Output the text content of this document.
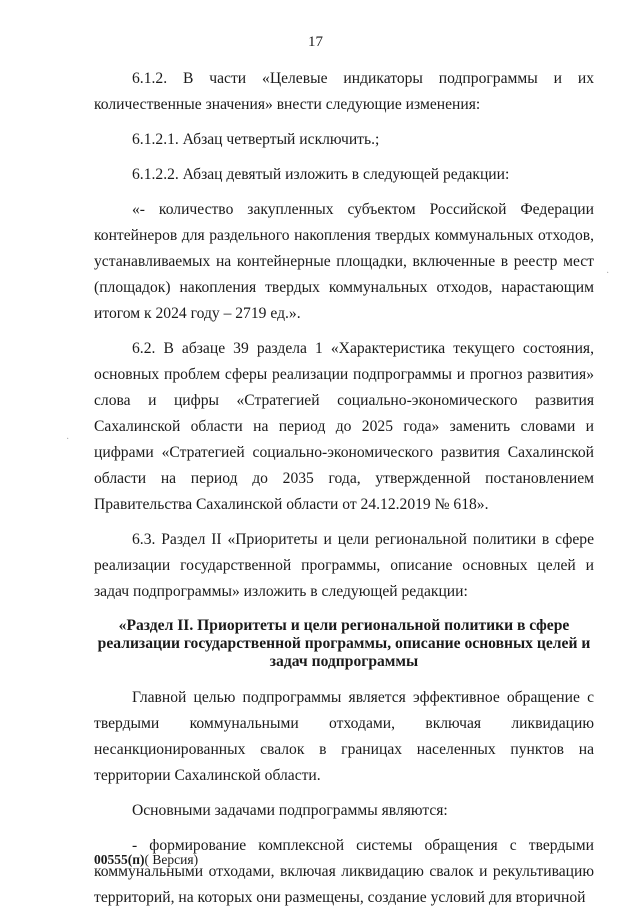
17

6.1.2. В части «Целевые индикаторы подпрограммы и их количественные значения» внести следующие изменения:

6.1.2.1. Абзац четвертый исключить.;

6.1.2.2. Абзац девятый изложить в следующей редакции:

«- количество закупленных субъектом Российской Федерации контейнеров для раздельного накопления твердых коммунальных отходов, устанавливаемых на контейнерные площадки, включенные в реестр мест (площадок) накопления твердых коммунальных отходов, нарастающим итогом к 2024 году – 2719 ед.».

6.2. В абзаце 39 раздела 1 «Характеристика текущего состояния, основных проблем сферы реализации подпрограммы и прогноз развития» слова и цифры «Стратегией социально-экономического развития Сахалинской области на период до 2025 года» заменить словами и цифрами «Стратегией социально-экономического развития Сахалинской области на период до 2035 года, утвержденной постановлением Правительства Сахалинской области от 24.12.2019 № 618».

6.3. Раздел II «Приоритеты и цели региональной политики в сфере реализации государственной программы, описание основных целей и задач подпрограммы» изложить в следующей редакции:

«Раздел II. Приоритеты и цели региональной политики в сфере реализации государственной программы, описание основных целей и задач подпрограммы

Главной целью подпрограммы является эффективное обращение с твердыми коммунальными отходами, включая ликвидацию несанкционированных свалок в границах населенных пунктов на территории Сахалинской области.

Основными задачами подпрограммы являются:

- формирование комплексной системы обращения с твердыми коммунальными отходами, включая ликвидацию свалок и рекультивацию территорий, на которых они размещены, создание условий для вторичной

00555(п)( Версия)
·
·
